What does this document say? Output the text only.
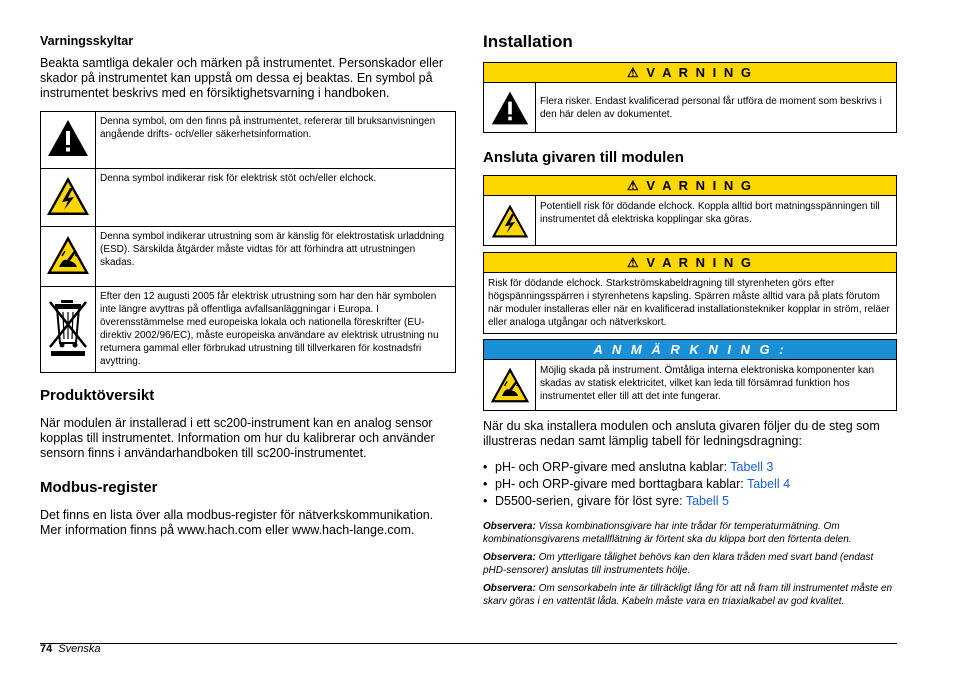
Varningsskyltar

Beakta samtliga dekaler och märken på instrumentet. Personskador eller skador på instrumentet kan uppstå om dessa ej beaktas. En symbol på instrumentet beskrivs med en försiktighetsvarning i handboken.

	Denna symbol, om den finns på instrumentet, refererar till bruksanvisningen angående drifts- och/eller säkerhetsinformation.
	Denna symbol indikerar risk för elektrisk stöt och/eller elchock.
	Denna symbol indikerar utrustning som är känslig för elektrostatisk urladdning (ESD). Särskilda åtgärder måste vidtas för att förhindra att utrustningen skadas.
	Efter den 12 augusti 2005 får elektrisk utrustning som har den här symbolen inte längre avyttras på offentliga avfallsanläggningar i Europa. I överensstämmelse med europeiska lokala och nationella föreskrifter (EU-direktiv 2002/96/EC), måste europeiska användare av elektrisk utrustning nu returnera gammal eller förbrukad utrustning till tillverkaren för kostnadsfri avyttring.
Produktöversikt

När modulen är installerad i ett sc200-instrument kan en analog sensor kopplas till instrumentet. Information om hur du kalibrerar och använder sensorn finns i användarhandboken till sc200-instrumentet.

Modbus-register

Det finns en lista över alla modbus-register för nätverkskommunikation. Mer information finns på www.hach.com eller www.hach-lange.com.

Installation
⚠ V A R N I N G
Flera risker. Endast kvalificerad personal får utföra de moment som beskrivs i den här delen av dokumentet.
Ansluta givaren till modulen
⚠ V A R N I N G
Potentiell risk för dödande elchock. Koppla alltid bort matningsspänningen till instrumentet då elektriska kopplingar ska göras.
⚠ V A R N I N G
Risk för dödande elchock. Starkströmskabeldragning till styrenheten görs efter högspänningsspärren i styrenhetens kapsling. Spärren måste alltid vara på plats förutom när moduler installeras eller när en kvalificerad installationstekniker kopplar in ström, reläer eller analoga utgångar och nätverkskort.
A N M Ä R K N I N G :
Möjlig skada på instrument. Ömtåliga interna elektroniska komponenter kan skadas av statisk elektricitet, vilket kan leda till försämrad funktion hos instrumentet eller till att det inte fungerar.

När du ska installera modulen och ansluta givaren följer du de steg som illustreras nedan samt lämplig tabell för ledningsdragning:

• pH- och ORP-givare med anslutna kablar: Tabell 3
• pH- och ORP-givare med borttagbara kablar: Tabell 4
• D5500-serien, givare för löst syre: Tabell 5

Observera: Vissa kombinationsgivare har inte trådar för temperaturmätning. Om kombinationsgivarens metallflätning är förtent ska du klippa bort den förtenta delen.

Observera: Om ytterligare tålighet behövs kan den klara tråden med svart band (endast pHD-sensorer) anslutas till instrumentets hölje.

Observera: Om sensorkabeln inte är tillräckligt lång för att nå fram till instrumentet måste en skarv göras i en vattentät låda. Kabeln måste vara en triaxialkabel av god kvalitet.

74 Svenska
